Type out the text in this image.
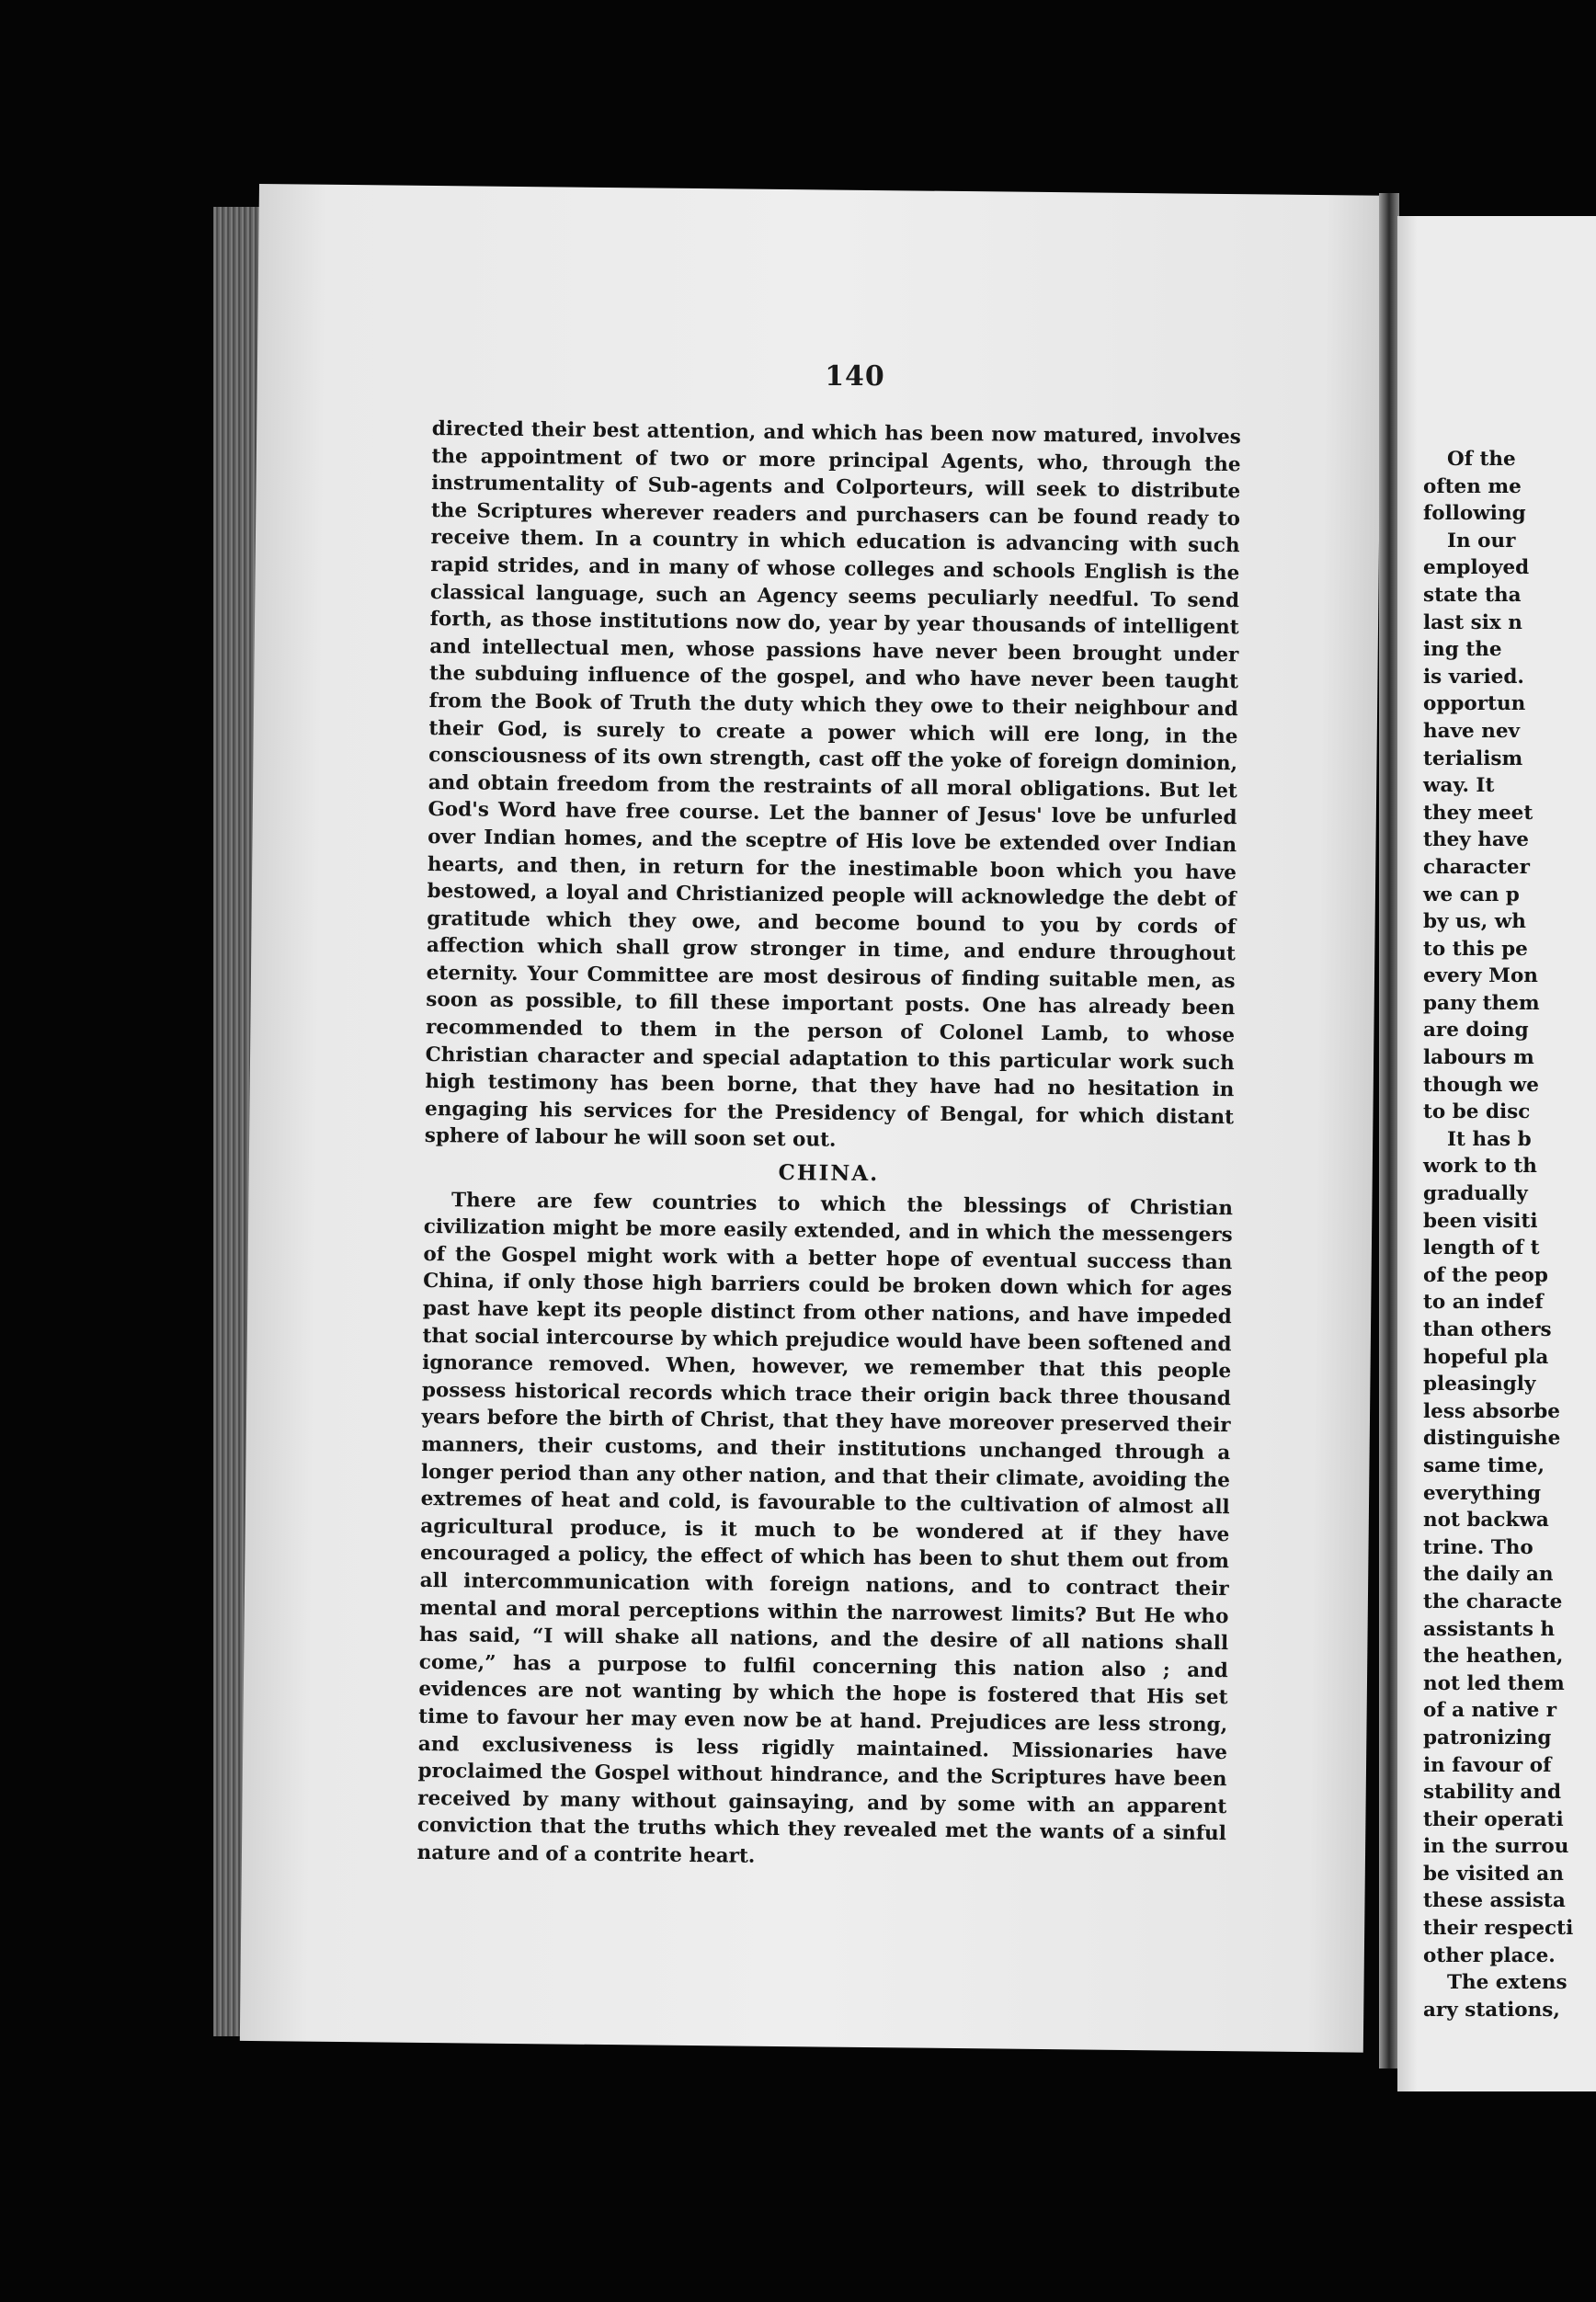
140

directed their best attention, and which has been now matured, involves the appointment of two or more principal Agents, who, through the instrumentality of Sub-agents and Colporteurs, will seek to distribute the Scriptures wherever readers and purchasers can be found ready to receive them. In a country in which education is advancing with such rapid strides, and in many of whose colleges and schools English is the classical language, such an Agency seems peculiarly needful. To send forth, as those institutions now do, year by year thousands of intelligent and intellectual men, whose passions have never been brought under the subduing influence of the gospel, and who have never been taught from the Book of Truth the duty which they owe to their neighbour and their God, is surely to create a power which will ere long, in the consciousness of its own strength, cast off the yoke of foreign dominion, and obtain freedom from the restraints of all moral obligations. But let God's Word have free course. Let the banner of Jesus' love be unfurled over Indian homes, and the sceptre of His love be extended over Indian hearts, and then, in return for the inestimable boon which you have bestowed, a loyal and Christianized people will acknowledge the debt of gratitude which they owe, and become bound to you by cords of affection which shall grow stronger in time, and endure throughout eternity. Your Committee are most desirous of finding suitable men, as soon as possible, to fill these important posts. One has already been recommended to them in the person of Colonel Lamb, to whose Christian character and special adaptation to this particular work such high testimony has been borne, that they have had no hesitation in engaging his services for the Presidency of Bengal, for which distant sphere of labour he will soon set out.

CHINA.

There are few countries to which the blessings of Christian civilization might be more easily extended, and in which the messengers of the Gospel might work with a better hope of eventual success than China, if only those high barriers could be broken down which for ages past have kept its people distinct from other nations, and have impeded that social intercourse by which prejudice would have been softened and ignorance removed. When, however, we remember that this people possess historical records which trace their origin back three thousand years before the birth of Christ, that they have moreover preserved their manners, their customs, and their institutions unchanged through a longer period than any other nation, and that their climate, avoiding the extremes of heat and cold, is favourable to the cultivation of almost all agricultural produce, is it much to be wondered at if they have encouraged a policy, the effect of which has been to shut them out from all intercommunication with foreign nations, and to contract their mental and moral perceptions within the narrowest limits? But He who has said, “I will shake all nations, and the desire of all nations shall come,” has a purpose to fulfil concerning this nation also ; and evidences are not wanting by which the hope is fostered that His set time to favour her may even now be at hand. Prejudices are less strong, and exclusiveness is less rigidly maintained. Missionaries have proclaimed the Gospel without hindrance, and the Scriptures have been received by many without gainsaying, and by some with an apparent conviction that the truths which they revealed met the wants of a sinful nature and of a contrite heart.

Of the
often me
following
In our
employed
state tha
last six n
ing the
is varied.
opportun
have nev
terialism
way. It
they meet
they have
character
we can p
by us, wh
to this pe
every Mon
pany them
are doing
labours m
though we
to be disc
It has b
work to th
gradually
been visiti
length of t
of the peop
to an indef
than others
hopeful pla
pleasingly
less absorbe
distinguishe
same time,
everything
not backwa
trine. Tho
the daily an
the characte
assistants h
the heathen,
not led them
of a native r
patronizing
in favour of
stability and
their operati
in the surrou
be visited an
these assista
their respecti
other place.
The extens
ary stations,
